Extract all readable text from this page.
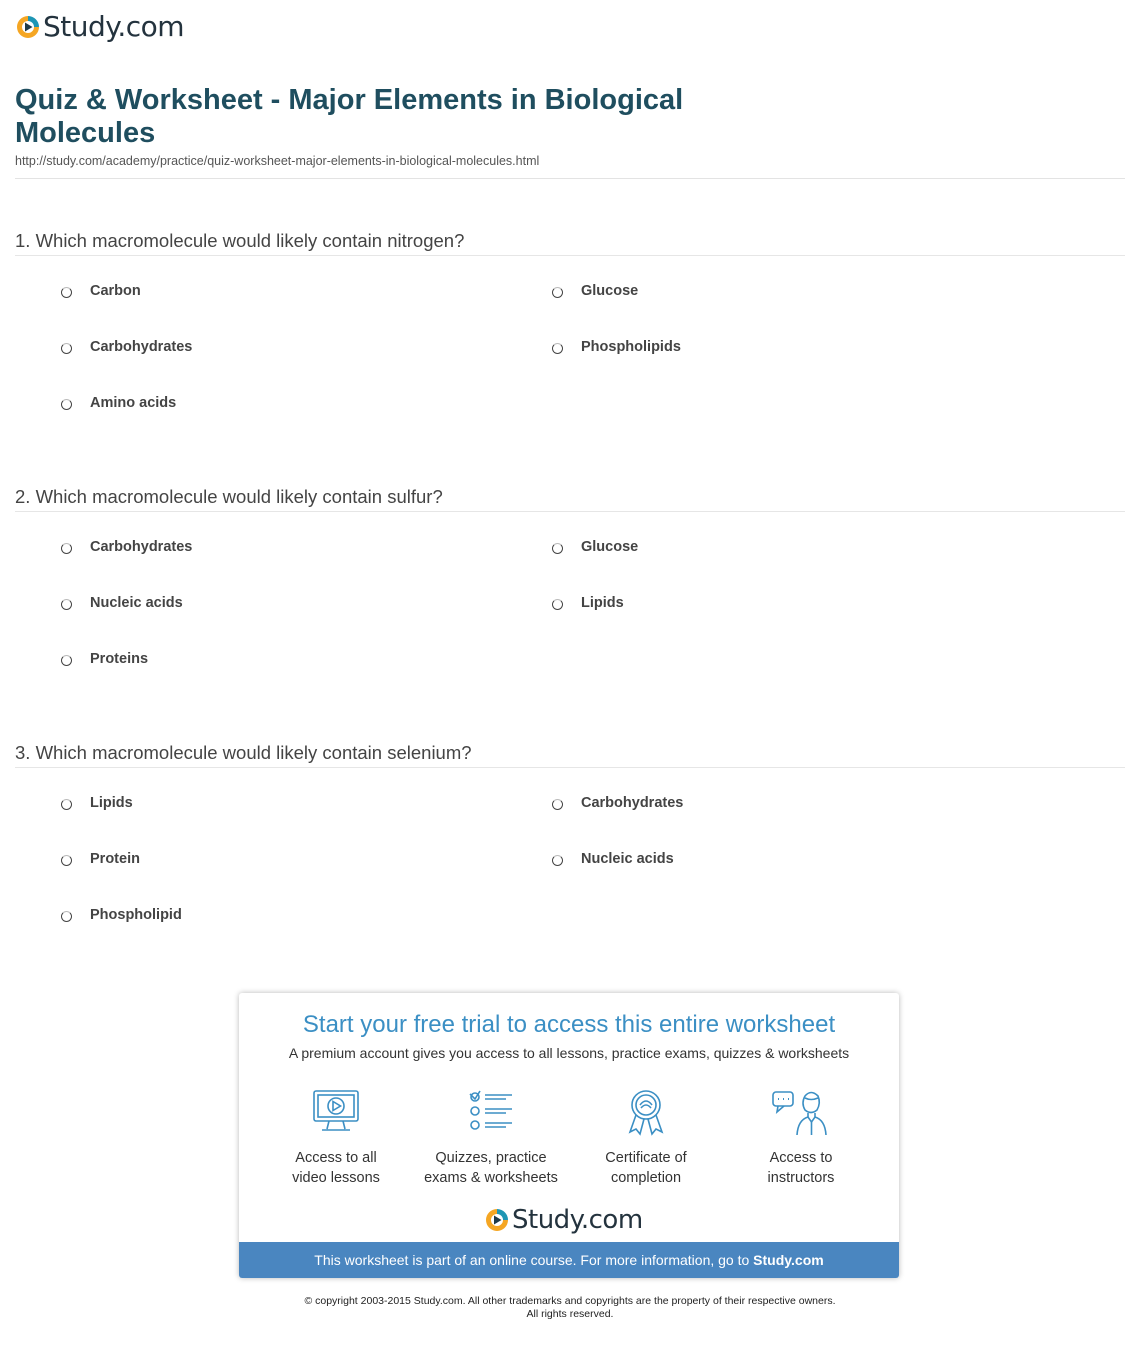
Study.com
Quiz & Worksheet - Major Elements in Biological Molecules
http://study.com/academy/practice/quiz-worksheet-major-elements-in-biological-molecules.html

1. Which macromolecule would likely contain nitrogen?

Carbon	Glucose
Carbohydrates	Phospholipids
Amino acids

2. Which macromolecule would likely contain sulfur?

Carbohydrates	Glucose
Nucleic acids	Lipids
Proteins

3. Which macromolecule would likely contain selenium?

Lipids	Carbohydrates
Protein	Nucleic acids
Phospholipid
Start your free trial to access this entire worksheet
A premium account gives you access to all lessons, practice exams, quizzes & worksheets
Access to all
video lessons
Quizzes, practice
exams & worksheets
Certificate of
completion
Access to
instructors
Study.com
This worksheet is part of an online course. For more information, go to Study.com
© copyright 2003-2015 Study.com. All other trademarks and copyrights are the property of their respective owners.
All rights reserved.
